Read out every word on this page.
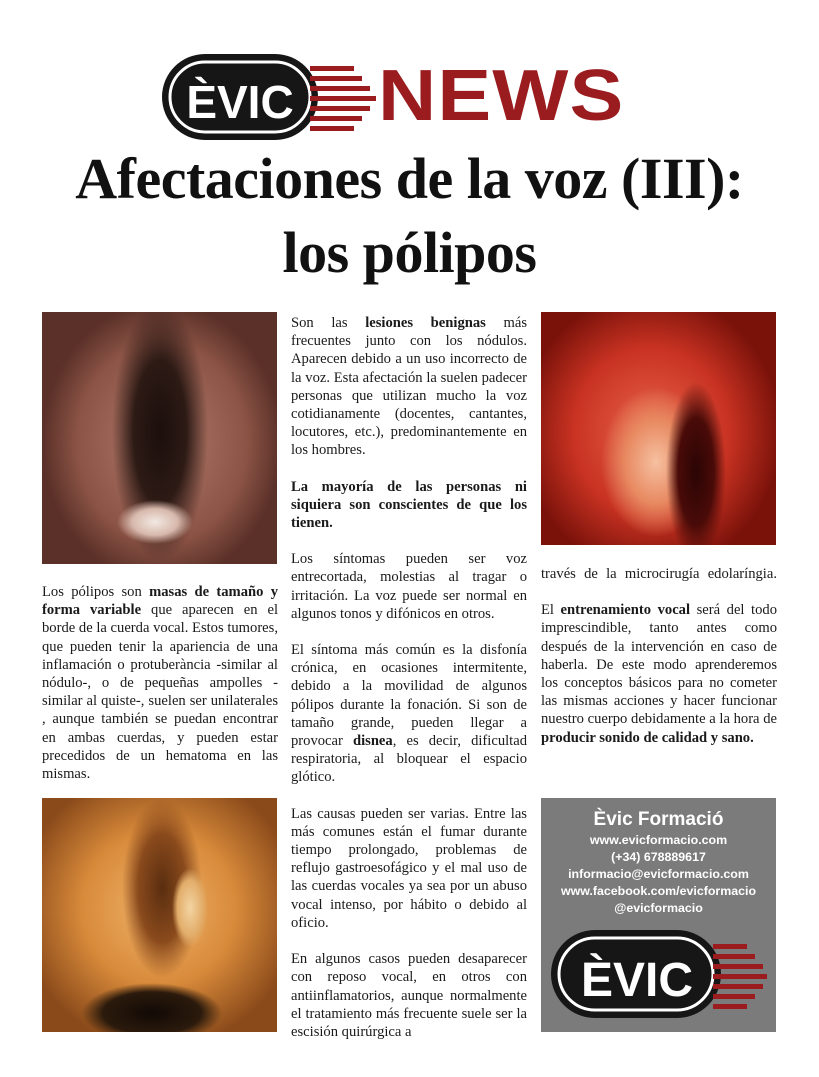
ÈVIC NEWS
Afectaciones de la voz (III):
los pólipos

Los pólipos son masas de tamaño y forma variable que aparecen en el borde de la cuerda vocal. Estos tumores, que pueden tenir la apariencia de una inflamación o protuberància -similar al nódulo-, o de pequeñas ampolles -similar al quiste-, suelen ser unilaterales , aunque también se puedan encontrar en ambas cuerdas, y pueden estar precedidos de un hematoma en las mismas.

Son las lesiones benignas más frecuentes junto con los nódulos. Aparecen debido a un uso incorrecto de la voz. Esta afectación la suelen padecer personas que utilizan mucho la voz cotidianamente (docentes, cantantes, locutores, etc.), predominantemente en los hombres.

La mayoría de las personas ni siquiera son conscientes de que los tienen.

Los síntomas pueden ser voz entrecortada, molestias al tragar o irritación. La voz puede ser normal en algunos tonos y difónicos en otros.

El síntoma más común es la disfonía crónica, en ocasiones intermitente, debido a la movilidad de algunos pólipos durante la fonación. Si son de tamaño grande, pueden llegar a provocar disnea, es decir, dificultad respiratoria, al bloquear el espacio glótico.

Las causas pueden ser varias. Entre las más comunes están el fumar durante tiempo prolongado, problemas de reflujo gastroesofágico y el mal uso de las cuerdas vocales ya sea por un abuso vocal intenso, por hábito o debido al oficio.

En algunos casos pueden desaparecer con reposo vocal, en otros con antiinflamatorios, aunque normalmente el tratamiento más frecuente suele ser la escisión quirúrgica a

través de la microcirugía edolaríngia.

El entrenamiento vocal será del todo imprescindible, tanto antes como después de la intervención en caso de haberla. De este modo aprenderemos los conceptos básicos para no cometer las mismas acciones y hacer funcionar nuestro cuerpo debidamente a la hora de producir sonido de calidad y sano.

Èvic Formació
www.evicformacio.com
(+34) 678889617
informacio@evicformacio.com
www.facebook.com/evicformacio
@evicformacio
ÈVIC
